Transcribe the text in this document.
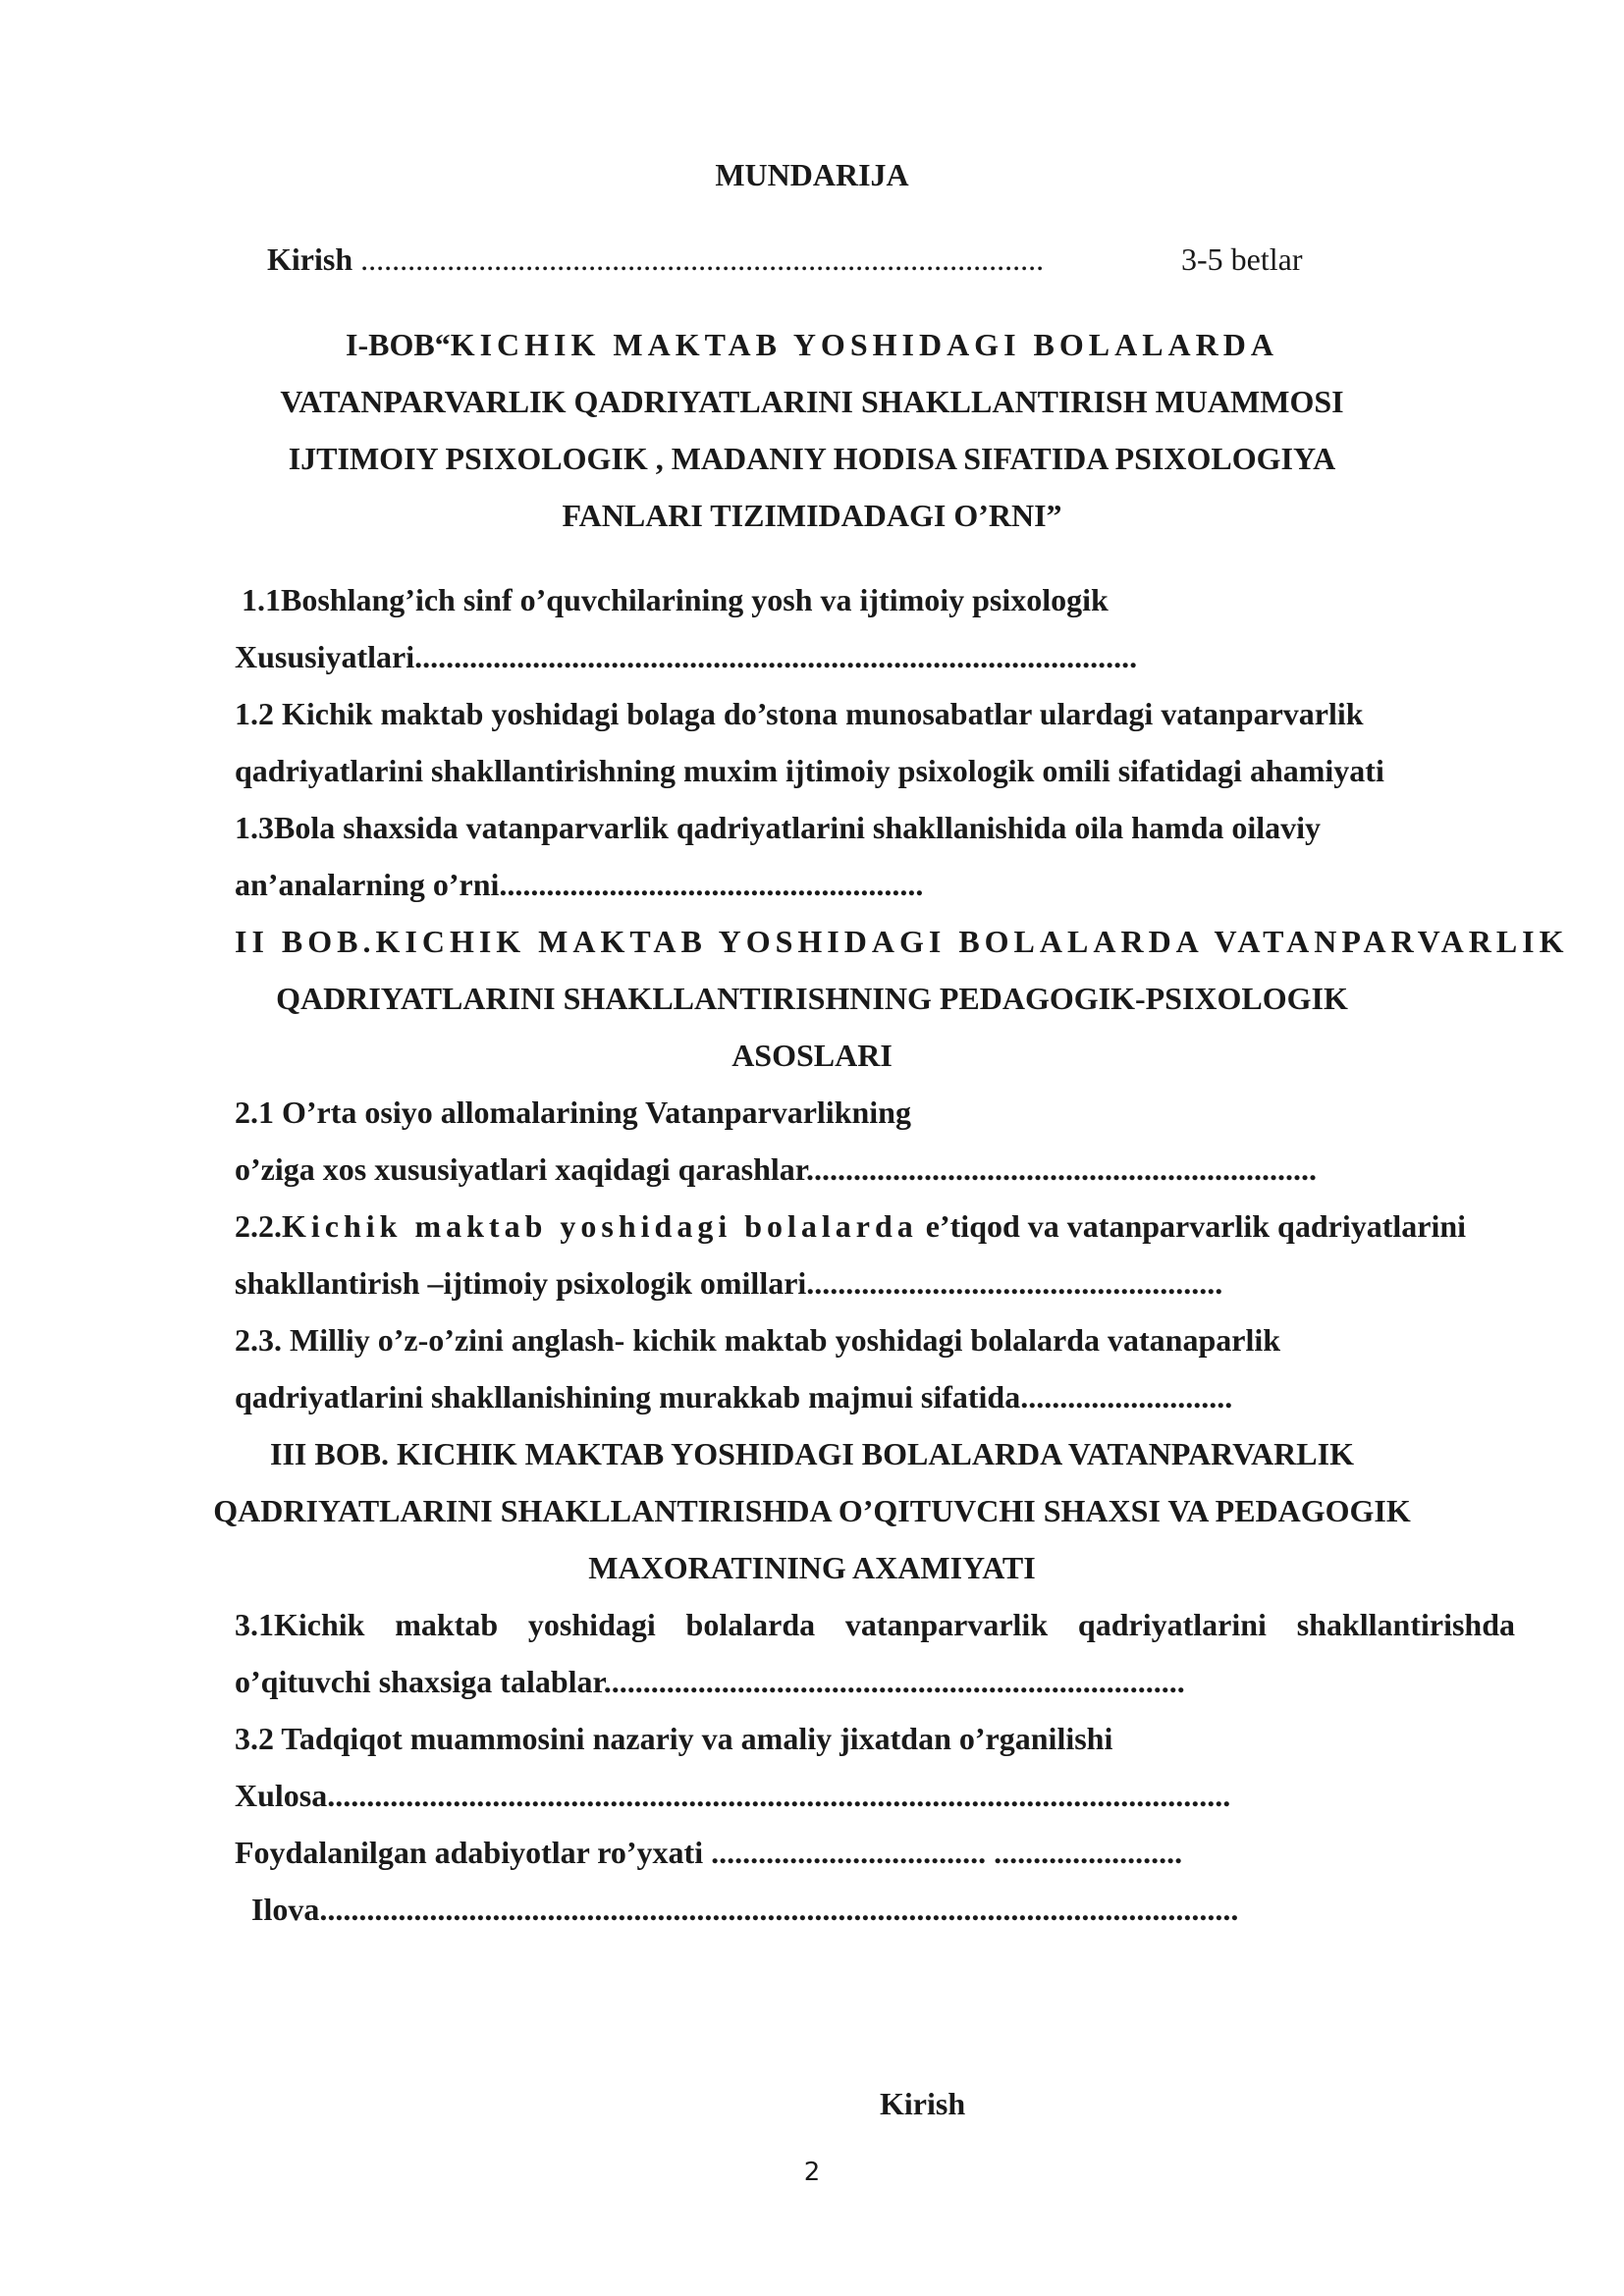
MUNDARIJA
Kirish .......................................................................................	3-5 betlar
I-BOB“KICHIK MAKTAB YOSHIDAGI BOLALARDA
VATANPARVARLIK QADRIYATLARINI SHAKLLANTIRISH MUAMMOSI
IJTIMOIY PSIXOLOGIK , MADANIY HODISA SIFATIDA PSIXOLOGIYA
FANLARI TIZIMIDADAGI O’RNI”
1.1Boshlang’ich sinf o’quvchilarining yosh va ijtimoiy psixologik
Xususiyatlari............................................................................................
1.2 Kichik maktab yoshidagi bolaga do’stona munosabatlar ulardagi vatanparvarlik
qadriyatlarini shakllantirishning muxim ijtimoiy psixologik omili sifatidagi ahamiyati
1.3Bola shaxsida vatanparvarlik qadriyatlarini shakllanishida oila hamda oilaviy
an’analarning o’rni......................................................
II BOB.KICHIK MAKTAB YOSHIDAGI BOLALARDA VATANPARVARLIK
QADRIYATLARINI SHAKLLANTIRISHNING PEDAGOGIK-PSIXOLOGIK
ASOSLARI
2.1 O’rta osiyo allomalarining Vatanparvarlikning
o’ziga xos xususiyatlari xaqidagi qarashlar.................................................................
2.2.Kichik maktab yoshidagi bolalarda e’tiqod va vatanparvarlik qadriyatlarini
shakllantirish –ijtimoiy psixologik omillari.....................................................
2.3. Milliy o’z-o’zini anglash- kichik maktab yoshidagi bolalarda vatanaparlik
qadriyatlarini shakllanishining murakkab majmui sifatida...........................
III BOB. KICHIK MAKTAB YOSHIDAGI BOLALARDA VATANPARVARLIK
QADRIYATLARINI SHAKLLANTIRISHDA O’QITUVCHI SHAXSI VA PEDAGOGIK
MAXORATINING AXAMIYATI
3.1Kichik maktab yoshidagi bolalarda vatanparvarlik qadriyatlarini shakllantirishda
o’qituvchi shaxsiga talablar..........................................................................
3.2 Tadqiqot muammosini nazariy va amaliy jixatdan o’rganilishi
Xulosa...................................................................................................................
Foydalanilgan adabiyotlar ro’yxati ................................... ........................
Ilova.....................................................................................................................
Kirish
2
